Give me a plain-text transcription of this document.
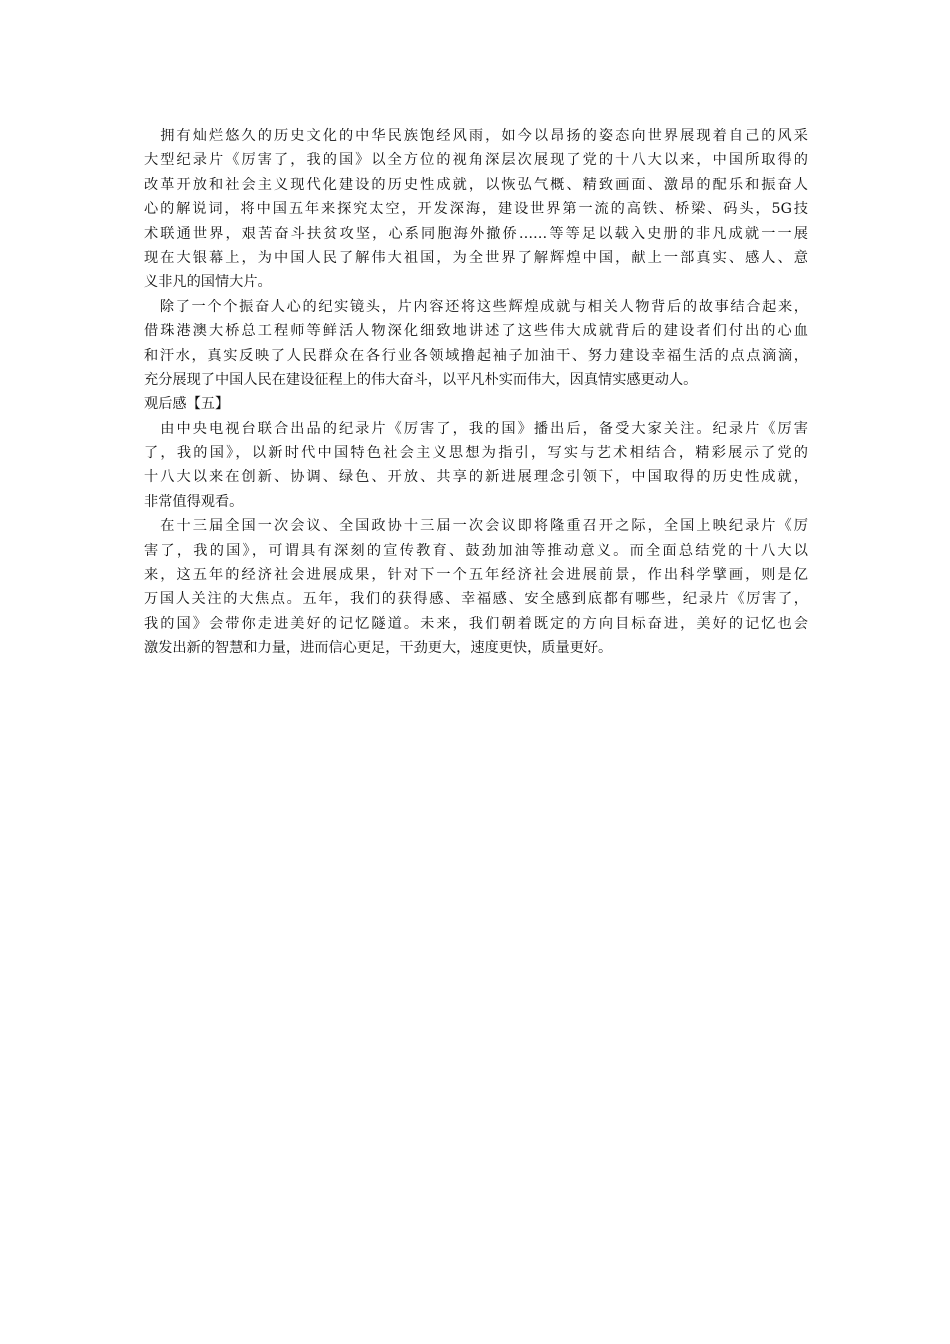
　拥有灿烂悠久的历史文化的中华民族饱经风雨，如今以昂扬的姿态向世界展现着自己的风采
大型纪录片《厉害了，我的国》以全方位的视角深层次展现了党的十八大以来，中国所取得的
改革开放和社会主义现代化建设的历史性成就，以恢弘气概、精致画面、激昂的配乐和振奋人
心的解说词，将中国五年来探究太空，开发深海，建设世界第一流的高铁、桥梁、码头，5G技
术联通世界，艰苦奋斗扶贫攻坚，心系同胞海外撤侨……等等足以载入史册的非凡成就一一展
现在大银幕上，为中国人民了解伟大祖国，为全世界了解辉煌中国，献上一部真实、感人、意
义非凡的国情大片。
　除了一个个振奋人心的纪实镜头，片内容还将这些辉煌成就与相关人物背后的故事结合起来，
借珠港澳大桥总工程师等鲜活人物深化细致地讲述了这些伟大成就背后的建设者们付出的心血
和汗水，真实反映了人民群众在各行业各领域撸起袖子加油干、努力建设幸福生活的点点滴滴，
充分展现了中国人民在建设征程上的伟大奋斗，以平凡朴实而伟大，因真情实感更动人。
观后感【五】
　由中央电视台联合出品的纪录片《厉害了，我的国》播出后，备受大家关注。纪录片《厉害
了，我的国》，以新时代中国特色社会主义思想为指引，写实与艺术相结合，精彩展示了党的
十八大以来在创新、协调、绿色、开放、共享的新进展理念引领下，中国取得的历史性成就，
非常值得观看。
　在十三届全国一次会议、全国政协十三届一次会议即将隆重召开之际，全国上映纪录片《厉
害了，我的国》，可谓具有深刻的宣传教育、鼓劲加油等推动意义。而全面总结党的十八大以
来，这五年的经济社会进展成果，针对下一个五年经济社会进展前景，作出科学擘画，则是亿
万国人关注的大焦点。五年，我们的获得感、幸福感、安全感到底都有哪些，纪录片《厉害了，
我的国》会带你走进美好的记忆隧道。未来，我们朝着既定的方向目标奋进，美好的记忆也会
激发出新的智慧和力量，进而信心更足，干劲更大，速度更快，质量更好。
